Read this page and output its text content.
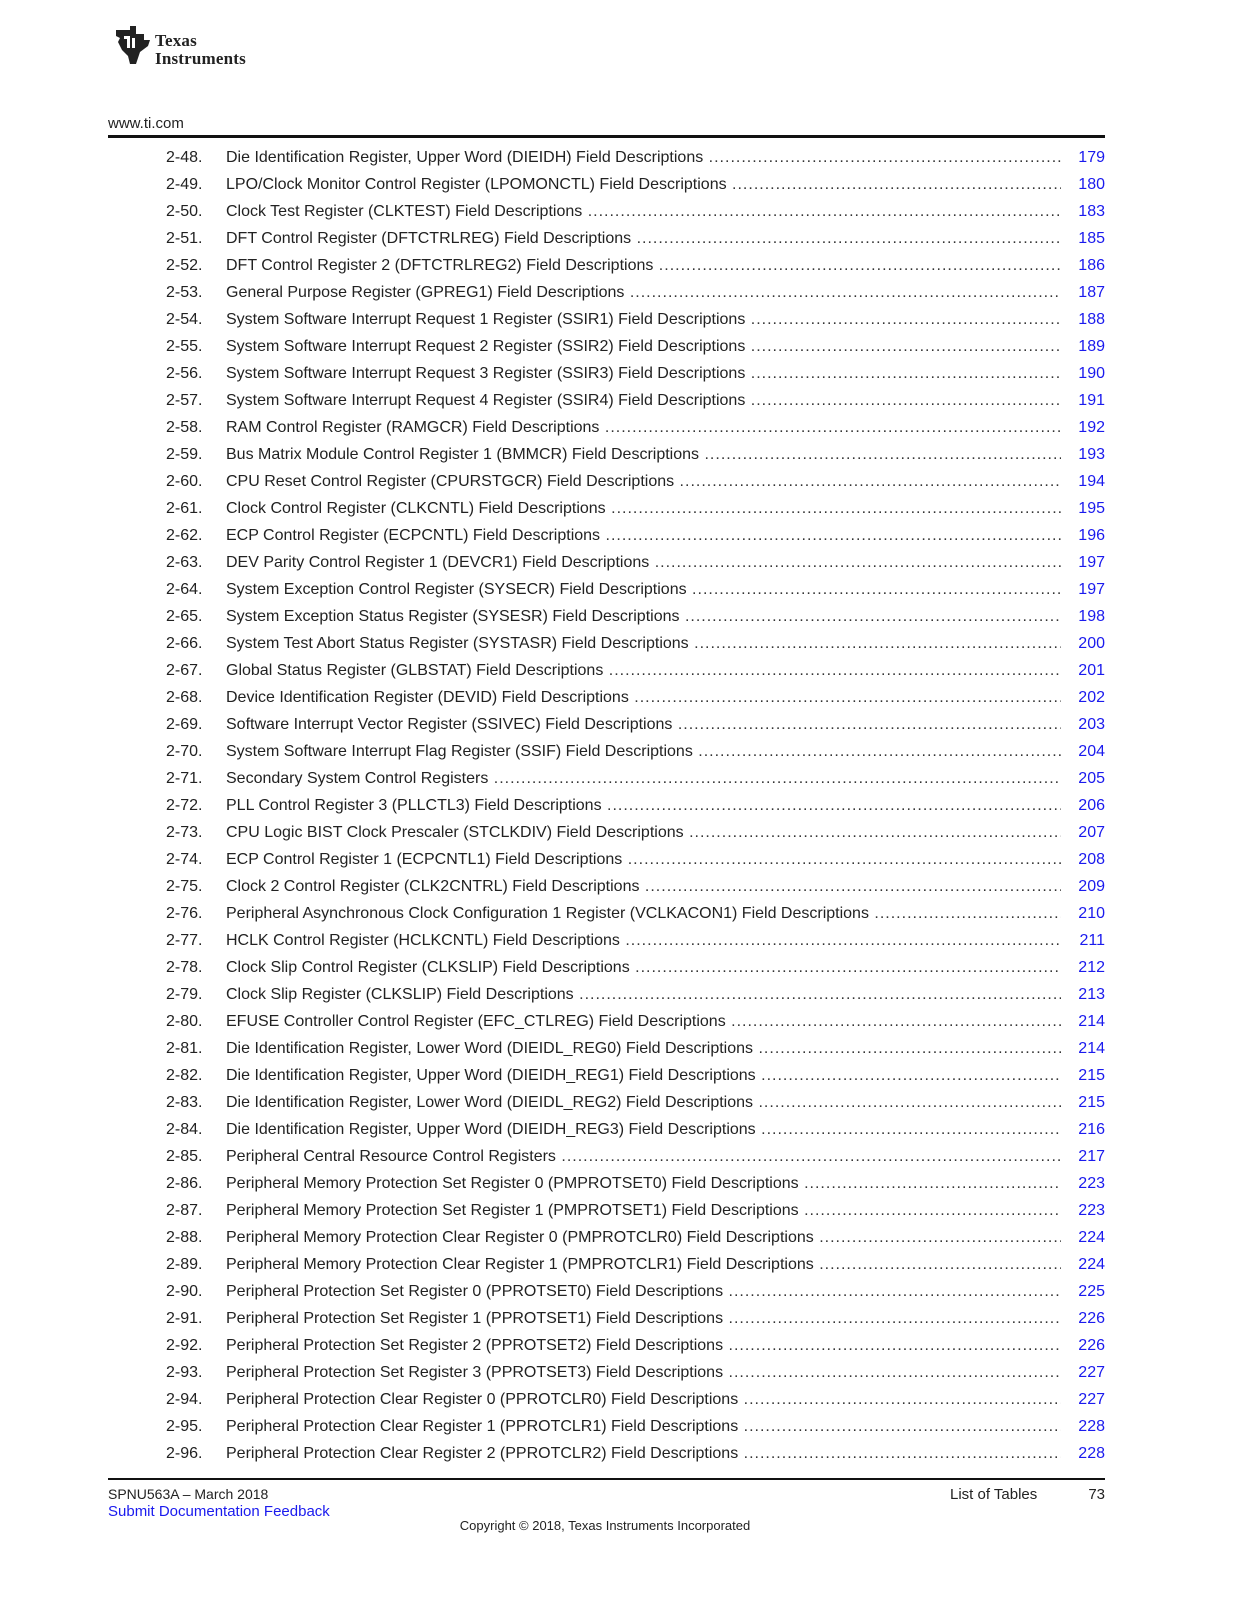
Texas
Instruments
www.ti.com
2-48. Die Identification Register, Upper Word (DIEIDH) Field Descriptions .....	179
2-49. LPO/Clock Monitor Control Register (LPOMONCTL) Field Descriptions .....	180
2-50. Clock Test Register (CLKTEST) Field Descriptions .....	183
2-51. DFT Control Register (DFTCTRLREG) Field Descriptions .....	185
2-52. DFT Control Register 2 (DFTCTRLREG2) Field Descriptions .....	186
2-53. General Purpose Register (GPREG1) Field Descriptions .....	187
2-54. System Software Interrupt Request 1 Register (SSIR1) Field Descriptions .....	188
2-55. System Software Interrupt Request 2 Register (SSIR2) Field Descriptions .....	189
2-56. System Software Interrupt Request 3 Register (SSIR3) Field Descriptions .....	190
2-57. System Software Interrupt Request 4 Register (SSIR4) Field Descriptions .....	191
2-58. RAM Control Register (RAMGCR) Field Descriptions .....	192
2-59. Bus Matrix Module Control Register 1 (BMMCR) Field Descriptions .....	193
2-60. CPU Reset Control Register (CPURSTGCR) Field Descriptions .....	194
2-61. Clock Control Register (CLKCNTL) Field Descriptions .....	195
2-62. ECP Control Register (ECPCNTL) Field Descriptions .....	196
2-63. DEV Parity Control Register 1 (DEVCR1) Field Descriptions .....	197
2-64. System Exception Control Register (SYSECR) Field Descriptions .....	197
2-65. System Exception Status Register (SYSESR) Field Descriptions .....	198
2-66. System Test Abort Status Register (SYSTASR) Field Descriptions .....	200
2-67. Global Status Register (GLBSTAT) Field Descriptions .....	201
2-68. Device Identification Register (DEVID) Field Descriptions .....	202
2-69. Software Interrupt Vector Register (SSIVEC) Field Descriptions .....	203
2-70. System Software Interrupt Flag Register (SSIF) Field Descriptions .....	204
2-71. Secondary System Control Registers .....	205
2-72. PLL Control Register 3 (PLLCTL3) Field Descriptions .....	206
2-73. CPU Logic BIST Clock Prescaler (STCLKDIV) Field Descriptions .....	207
2-74. ECP Control Register 1 (ECPCNTL1) Field Descriptions .....	208
2-75. Clock 2 Control Register (CLK2CNTRL) Field Descriptions .....	209
2-76. Peripheral Asynchronous Clock Configuration 1 Register (VCLKACON1) Field Descriptions .....	210
2-77. HCLK Control Register (HCLKCNTL) Field Descriptions .....	211
2-78. Clock Slip Control Register (CLKSLIP) Field Descriptions .....	212
2-79. Clock Slip Register (CLKSLIP) Field Descriptions .....	213
2-80. EFUSE Controller Control Register (EFC_CTLREG) Field Descriptions .....	214
2-81. Die Identification Register, Lower Word (DIEIDL_REG0) Field Descriptions .....	214
2-82. Die Identification Register, Upper Word (DIEIDH_REG1) Field Descriptions .....	215
2-83. Die Identification Register, Lower Word (DIEIDL_REG2) Field Descriptions .....	215
2-84. Die Identification Register, Upper Word (DIEIDH_REG3) Field Descriptions .....	216
2-85. Peripheral Central Resource Control Registers .....	217
2-86. Peripheral Memory Protection Set Register 0 (PMPROTSET0) Field Descriptions .....	223
2-87. Peripheral Memory Protection Set Register 1 (PMPROTSET1) Field Descriptions .....	223
2-88. Peripheral Memory Protection Clear Register 0 (PMPROTCLR0) Field Descriptions .....	224
2-89. Peripheral Memory Protection Clear Register 1 (PMPROTCLR1) Field Descriptions .....	224
2-90. Peripheral Protection Set Register 0 (PPROTSET0) Field Descriptions .....	225
2-91. Peripheral Protection Set Register 1 (PPROTSET1) Field Descriptions .....	226
2-92. Peripheral Protection Set Register 2 (PPROTSET2) Field Descriptions .....	226
2-93. Peripheral Protection Set Register 3 (PPROTSET3) Field Descriptions .....	227
2-94. Peripheral Protection Clear Register 0 (PPROTCLR0) Field Descriptions .....	227
2-95. Peripheral Protection Clear Register 1 (PPROTCLR1) Field Descriptions .....	228
2-96. Peripheral Protection Clear Register 2 (PPROTCLR2) Field Descriptions .....	228
SPNU563A – March 2018
Submit Documentation Feedback
List of Tables	73
Copyright © 2018, Texas Instruments Incorporated
